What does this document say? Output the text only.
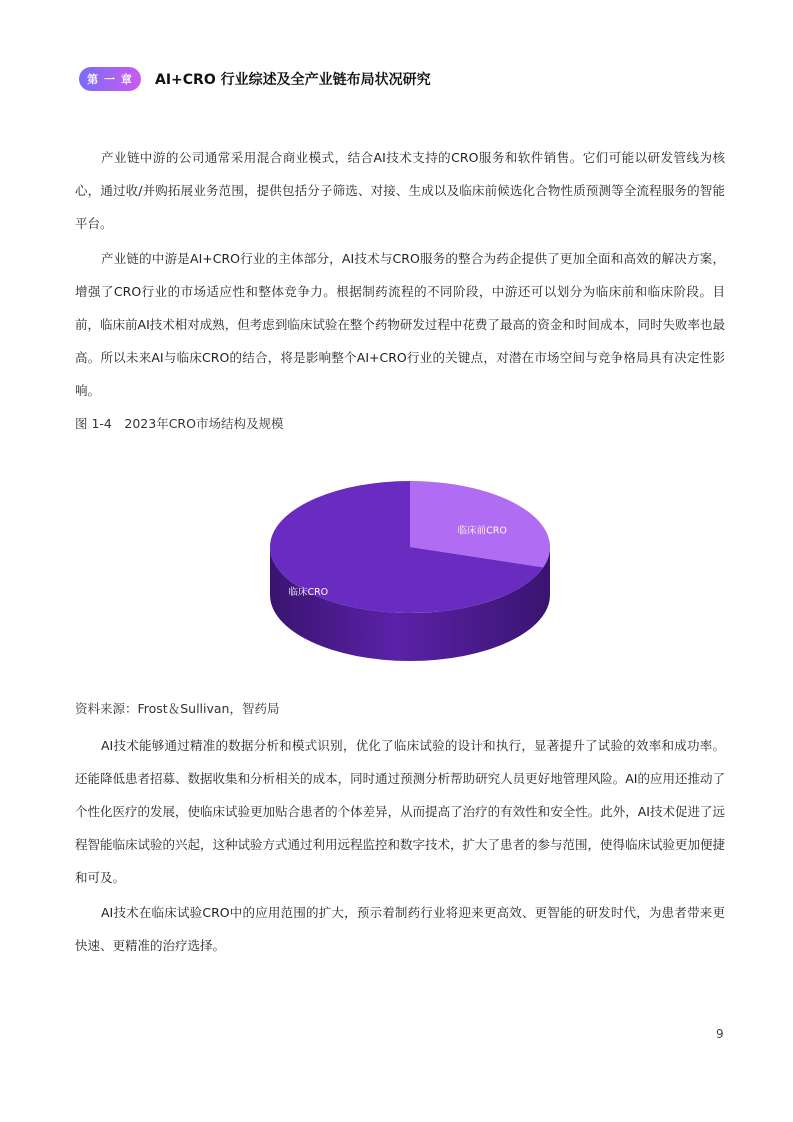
第 一 章	AI+CRO 行业综述及全产业链布局状况研究

产业链中游的公司通常采用混合商业模式，结合AI技术支持的CRO服务和软件销售。它们可能以研发管线为核心，通过收/并购拓展业务范围，提供包括分子筛选、对接、生成以及临床前候选化合物性质预测等全流程服务的智能平台。

产业链的中游是AI+CRO行业的主体部分，AI技术与CRO服务的整合为药企提供了更加全面和高效的解决方案，增强了CRO行业的市场适应性和整体竞争力。根据制药流程的不同阶段，中游还可以划分为临床前和临床阶段。目前，临床前AI技术相对成熟，但考虑到临床试验在整个药物研发过程中花费了最高的资金和时间成本，同时失败率也最高。所以未来AI与临床CRO的结合，将是影响整个AI+CRO行业的关键点，对潜在市场空间与竞争格局具有决定性影响。

图 1-4　2023年CRO市场结构及规模
临床前CRO
临床CRO
资料来源：Frost＆Sullivan，智药局

AI技术能够通过精准的数据分析和模式识别，优化了临床试验的设计和执行，显著提升了试验的效率和成功率。还能降低患者招募、数据收集和分析相关的成本，同时通过预测分析帮助研究人员更好地管理风险。AI的应用还推动了个性化医疗的发展，使临床试验更加贴合患者的个体差异，从而提高了治疗的有效性和安全性。此外，AI技术促进了远程智能临床试验的兴起，这种试验方式通过利用远程监控和数字技术，扩大了患者的参与范围，使得临床试验更加便捷和可及。

AI技术在临床试验CRO中的应用范围的扩大，预示着制药行业将迎来更高效、更智能的研发时代，为患者带来更快速、更精准的治疗选择。

9
